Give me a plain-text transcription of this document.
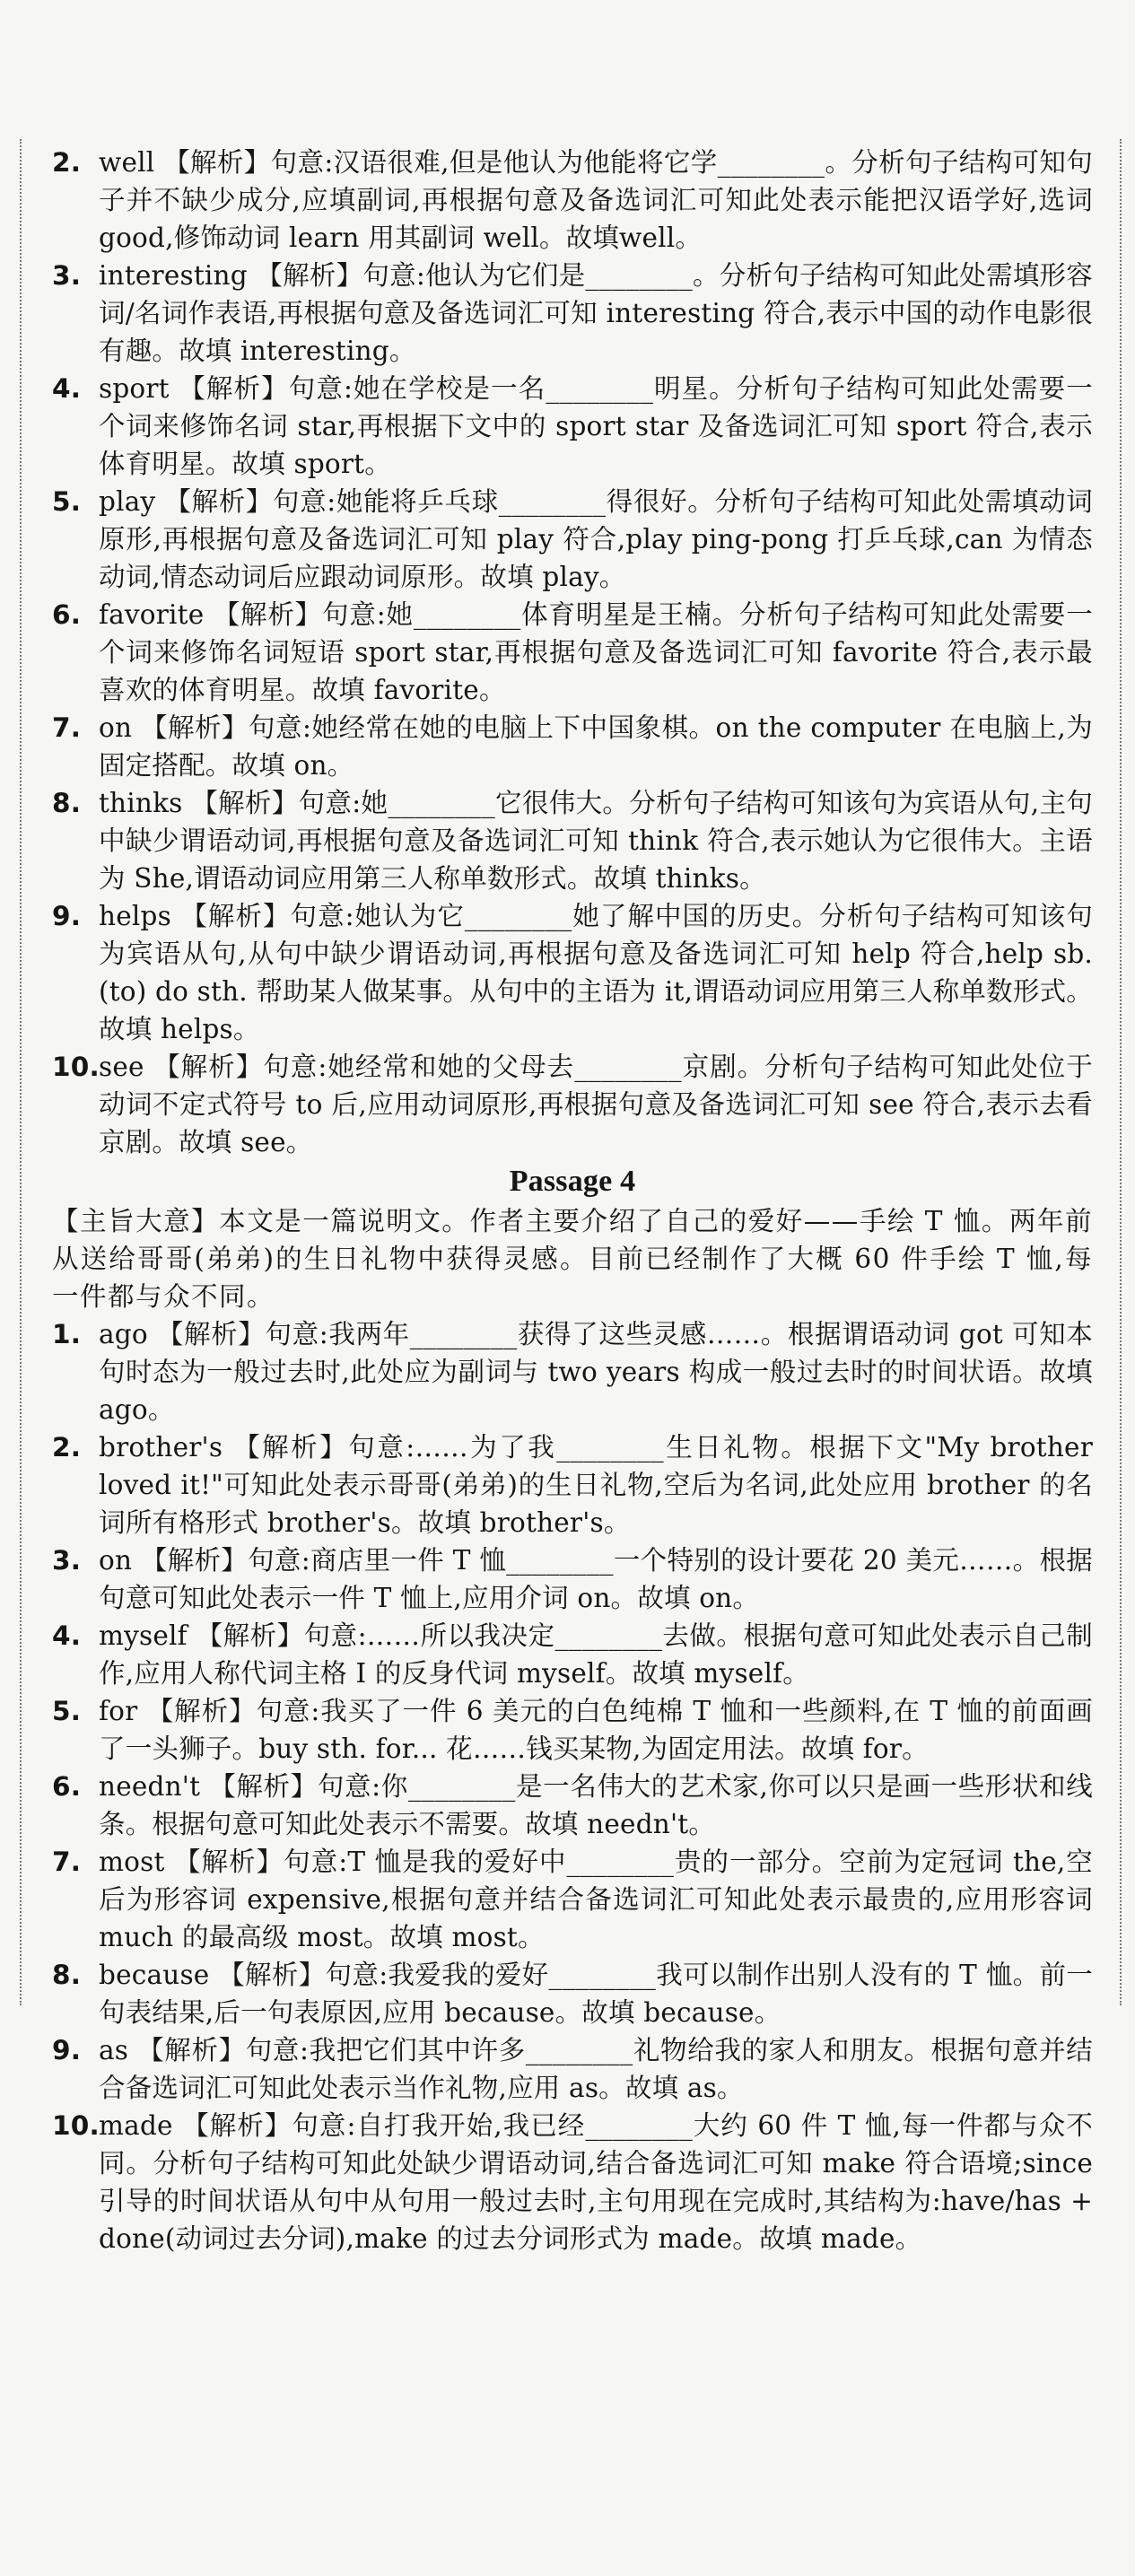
2. well 【解析】句意:汉语很难,但是他认为他能将它学________。分析句子结构可知句子并不缺少成分,应填副词,再根据句意及备选词汇可知此处表示能把汉语学好,选词 good,修饰动词 learn 用其副词 well。故填well。
3. interesting 【解析】句意:他认为它们是________。分析句子结构可知此处需填形容词/名词作表语,再根据句意及备选词汇可知 interesting 符合,表示中国的动作电影很有趣。故填 interesting。
4. sport 【解析】句意:她在学校是一名________明星。分析句子结构可知此处需要一个词来修饰名词 star,再根据下文中的 sport star 及备选词汇可知 sport 符合,表示体育明星。故填 sport。
5. play 【解析】句意:她能将乒乓球________得很好。分析句子结构可知此处需填动词原形,再根据句意及备选词汇可知 play 符合,play ping-pong 打乒乓球,can 为情态动词,情态动词后应跟动词原形。故填 play。
6. favorite 【解析】句意:她________体育明星是王楠。分析句子结构可知此处需要一个词来修饰名词短语 sport star,再根据句意及备选词汇可知 favorite 符合,表示最喜欢的体育明星。故填 favorite。
7. on 【解析】句意:她经常在她的电脑上下中国象棋。on the computer 在电脑上,为固定搭配。故填 on。
8. thinks 【解析】句意:她________它很伟大。分析句子结构可知该句为宾语从句,主句中缺少谓语动词,再根据句意及备选词汇可知 think 符合,表示她认为它很伟大。主语为 She,谓语动词应用第三人称单数形式。故填 thinks。
9. helps 【解析】句意:她认为它________她了解中国的历史。分析句子结构可知该句为宾语从句,从句中缺少谓语动词,再根据句意及备选词汇可知 help 符合,help sb. (to) do sth. 帮助某人做某事。从句中的主语为 it,谓语动词应用第三人称单数形式。故填 helps。
10. see 【解析】句意:她经常和她的父母去________京剧。分析句子结构可知此处位于动词不定式符号 to 后,应用动词原形,再根据句意及备选词汇可知 see 符合,表示去看京剧。故填 see。
Passage 4
【主旨大意】本文是一篇说明文。作者主要介绍了自己的爱好——手绘 T 恤。两年前从送给哥哥(弟弟)的生日礼物中获得灵感。目前已经制作了大概 60 件手绘 T 恤,每一件都与众不同。
1. ago 【解析】句意:我两年________获得了这些灵感……。根据谓语动词 got 可知本句时态为一般过去时,此处应为副词与 two years 构成一般过去时的时间状语。故填 ago。
2. brother's 【解析】句意:……为了我________生日礼物。根据下文"My brother loved it!"可知此处表示哥哥(弟弟)的生日礼物,空后为名词,此处应用 brother 的名词所有格形式 brother's。故填 brother's。
3. on 【解析】句意:商店里一件 T 恤________一个特别的设计要花 20 美元……。根据句意可知此处表示一件 T 恤上,应用介词 on。故填 on。
4. myself 【解析】句意:……所以我决定________去做。根据句意可知此处表示自己制作,应用人称代词主格 I 的反身代词 myself。故填 myself。
5. for 【解析】句意:我买了一件 6 美元的白色纯棉 T 恤和一些颜料,在 T 恤的前面画了一头狮子。buy sth. for... 花……钱买某物,为固定用法。故填 for。
6. needn't 【解析】句意:你________是一名伟大的艺术家,你可以只是画一些形状和线条。根据句意可知此处表示不需要。故填 needn't。
7. most 【解析】句意:T 恤是我的爱好中________贵的一部分。空前为定冠词 the,空后为形容词 expensive,根据句意并结合备选词汇可知此处表示最贵的,应用形容词 much 的最高级 most。故填 most。
8. because 【解析】句意:我爱我的爱好________我可以制作出别人没有的 T 恤。前一句表结果,后一句表原因,应用 because。故填 because。
9. as 【解析】句意:我把它们其中许多________礼物给我的家人和朋友。根据句意并结合备选词汇可知此处表示当作礼物,应用 as。故填 as。
10. made 【解析】句意:自打我开始,我已经________大约 60 件 T 恤,每一件都与众不同。分析句子结构可知此处缺少谓语动词,结合备选词汇可知 make 符合语境;since 引导的时间状语从句中从句用一般过去时,主句用现在完成时,其结构为:have/has + done(动词过去分词),make 的过去分词形式为 made。故填 made。
